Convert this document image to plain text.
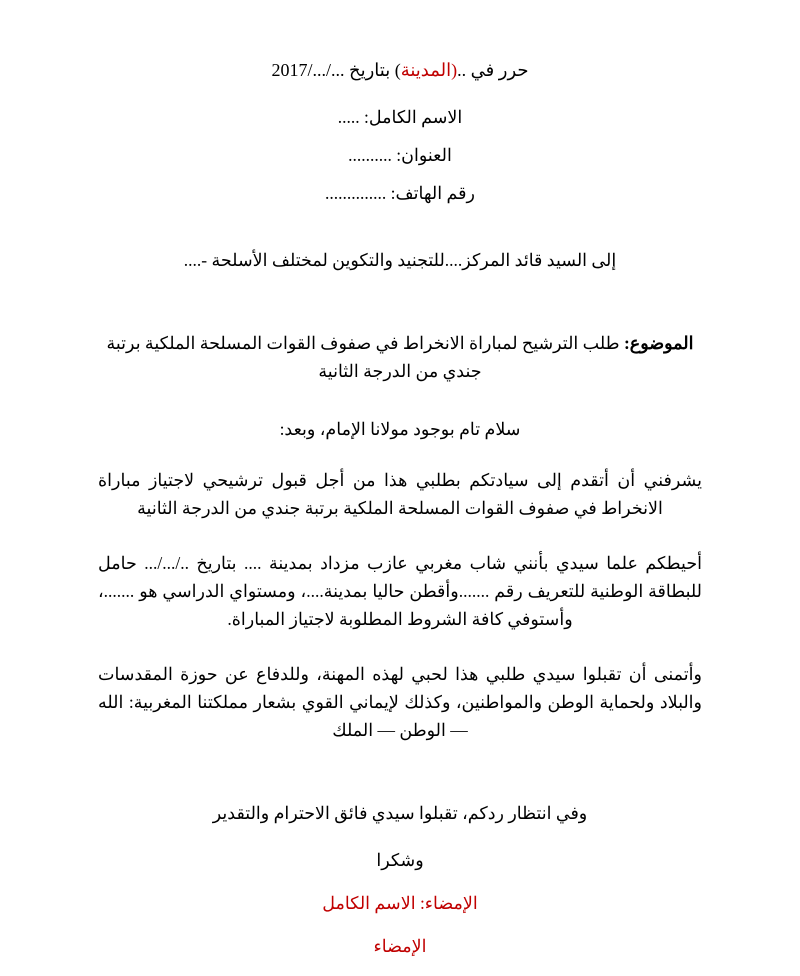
حرر في ..(المدينة) بتاريخ .../.../2017
الاسم الكامل: .....
العنوان: ..........
رقم الهاتف: ..............
إلى السيد قائد المركز....للتجنيد والتكوين لمختلف الأسلحة -....
الموضوع: طلب الترشيح لمباراة الانخراط في صفوف القوات المسلحة الملكية برتبة جندي من الدرجة الثانية
سلام تام بوجود مولانا الإمام، وبعد:
يشرفني أن أتقدم إلى سيادتكم بطلبي هذا من أجل قبول ترشيحي لاجتياز مباراة الانخراط في صفوف القوات المسلحة الملكية برتبة جندي من الدرجة الثانية
أحيطكم علما سيدي بأنني شاب مغربي عازب مزداد بمدينة .... بتاريخ ../.../... حامل للبطاقة الوطنية للتعريف رقم .......وأقطن حاليا بمدينة....، ومستواي الدراسي هو .......، وأستوفي كافة الشروط المطلوبة لاجتياز المباراة.
وأتمنى أن تقبلوا سيدي طلبي هذا لحبي لهذه المهنة، وللدفاع عن حوزة المقدسات والبلاد ولحماية الوطن والمواطنين، وكذلك لإيماني القوي بشعار مملكتنا المغربية: الله — الوطن — الملك
وفي انتظار ردكم، تقبلوا سيدي فائق الاحترام والتقدير
وشكرا
الإمضاء: الاسم الكامل
الإمضاء
